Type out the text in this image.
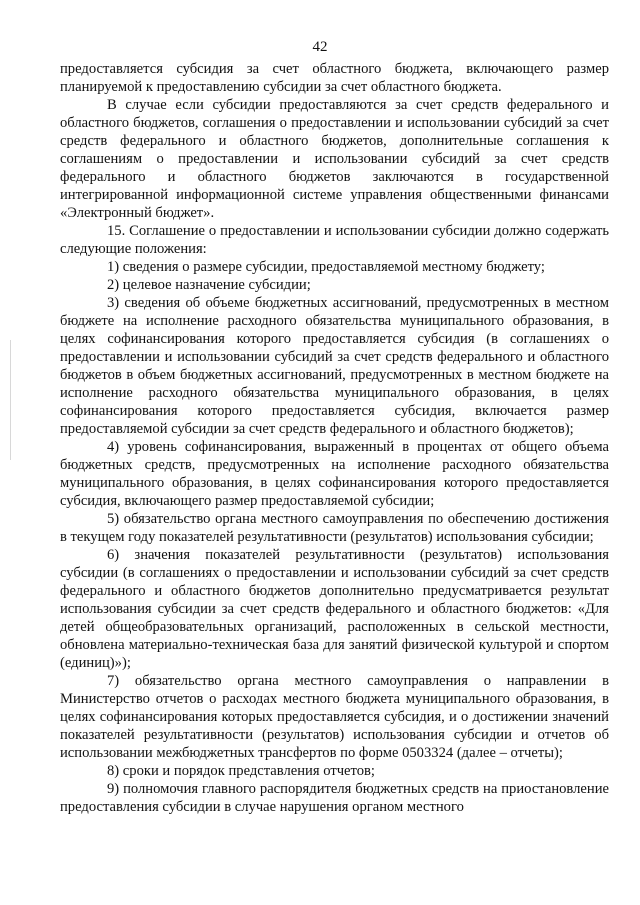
42

предоставляется субсидия за счет областного бюджета, включающего размер планируемой к предоставлению субсидии за счет областного бюджета.

В случае если субсидии предоставляются за счет средств федерального и областного бюджетов, соглашения о предоставлении и использовании субсидий за счет средств федерального и областного бюджетов, дополнительные соглашения к соглашениям о предоставлении и использовании субсидий за счет средств федерального и областного бюджетов заключаются в государственной интегрированной информационной системе управления общественными финансами «Электронный бюджет».

15. Соглашение о предоставлении и использовании субсидии должно содержать следующие положения:

1) сведения о размере субсидии, предоставляемой местному бюджету;

2) целевое назначение субсидии;

3) сведения об объеме бюджетных ассигнований, предусмотренных в местном бюджете на исполнение расходного обязательства муниципального образования, в целях софинансирования которого предоставляется субсидия (в соглашениях о предоставлении и использовании субсидий за счет средств федерального и областного бюджетов в объем бюджетных ассигнований, предусмотренных в местном бюджете на исполнение расходного обязательства муниципального образования, в целях софинансирования которого предоставляется субсидия, включается размер предоставляемой субсидии за счет средств федерального и областного бюджетов);

4) уровень софинансирования, выраженный в процентах от общего объема бюджетных средств, предусмотренных на исполнение расходного обязательства муниципального образования, в целях софинансирования которого предоставляется субсидия, включающего размер предоставляемой субсидии;

5) обязательство органа местного самоуправления по обеспечению достижения в текущем году показателей результативности (результатов) использования субсидии;

6) значения показателей результативности (результатов) использования субсидии (в соглашениях о предоставлении и использовании субсидий за счет средств федерального и областного бюджетов дополнительно предусматривается результат использования субсидии за счет средств федерального и областного бюджетов: «Для детей общеобразовательных организаций, расположенных в сельской местности, обновлена материально-техническая база для занятий физической культурой и спортом (единиц)»);

7) обязательство органа местного самоуправления о направлении в Министерство отчетов о расходах местного бюджета муниципального образования, в целях софинансирования которых предоставляется субсидия, и о достижении значений показателей результативности (результатов) использования субсидии и отчетов об использовании межбюджетных трансфертов по форме 0503324 (далее – отчеты);

8) сроки и порядок представления отчетов;

9) полномочия главного распорядителя бюджетных средств на приостановление предоставления субсидии в случае нарушения органом местного
